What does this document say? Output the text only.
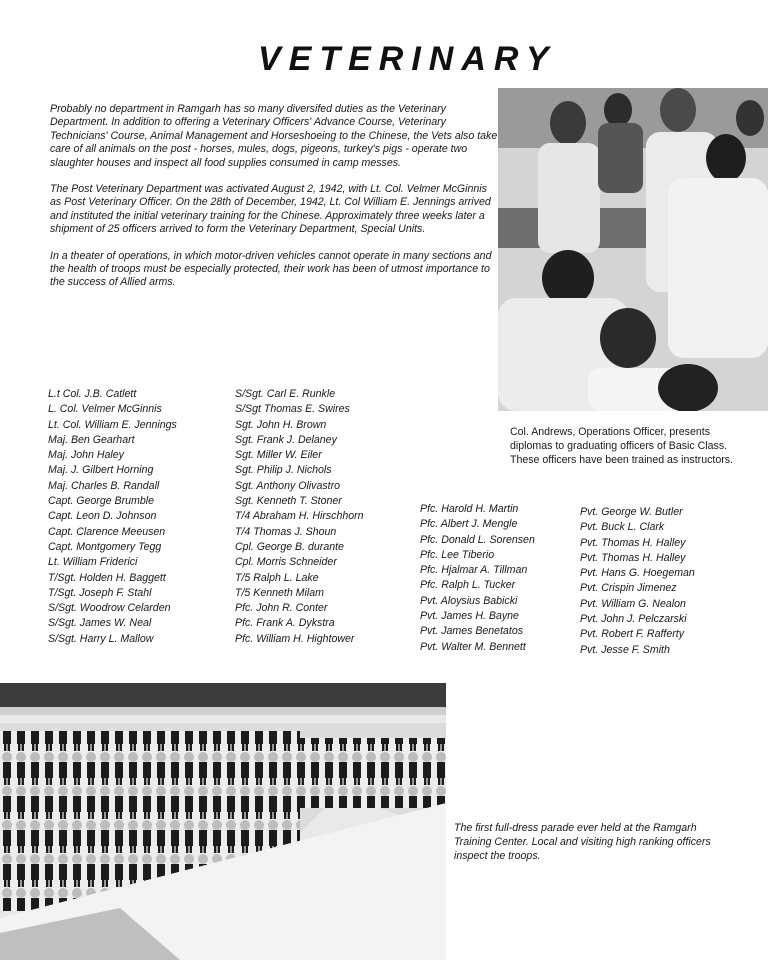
VETERINARY

Probably no department in Ramgarh has so many diversifed duties as the Veterinary Department. In addition to offering a Veterinary Officers' Advance Course, Veterinary Technicians' Course, Animal Management and Horseshoeing to the Chinese, the Vets also take care of all animals on the post - horses, mules, dogs, pigeons, turkey's pigs - operate two slaughter houses and inspect all food supplies consumed in camp messes.

The Post Veterinary Department was activated August 2, 1942, with Lt. Col. Velmer McGinnis as Post Veterinary Officer. On the 28th of December, 1942, Lt. Col William E. Jennings arrived and instituted the initial veterinary training for the Chinese. Approximately three weeks later a shipment of 25 officers arrived to form the Veterinary Department, Special Units.

In a theater of operations, in which motor-driven vehicles cannot operate in many sections and the health of troops must be especially protected, their work has been of utmost importance to the success of Allied arms.

Col. Andrews, Operations Officer, presents diplomas to graduating officers of Basic Class. These officers have been trained as instructors.
L.t Col. J.B. Catlett
L. Col. Velmer McGinnis
Lt. Col. William E. Jennings
Maj. Ben Gearhart
Maj. John Haley
Maj. J. Gilbert Horning
Maj. Charles B. Randall
Capt. George Brumble
Capt. Leon D. Johnson
Capt. Clarence Meeusen
Capt. Montgomery Tegg
Lt. William Friderici
T/Sgt. Holden H. Baggett
T/Sgt. Joseph F. Stahl
S/Sgt. Woodrow Celarden
S/Sgt. James W. Neal
S/Sgt. Harry L. Mallow
S/Sgt. Carl E. Runkle
S/Sgt Thomas E. Swires
Sgt. John H. Brown
Sgt. Frank J. Delaney
Sgt. Miller W. Eiler
Sgt. Philip J. Nichols
Sgt. Anthony Olivastro
Sgt. Kenneth T. Stoner
T/4 Abraham H. Hirschhorn
T/4 Thomas J. Shoun
Cpl. George B. durante
Cpl. Morris Schneider
T/5 Ralph L. Lake
T/5 Kenneth Milam
Pfc. John R. Conter
Pfc. Frank A. Dykstra
Pfc. William H. Hightower
Pfc. Harold H. Martin
Pfc. Albert J. Mengle
Pfc. Donald L. Sorensen
Pfc. Lee Tiberio
Pfc. Hjalmar A. Tillman
Pfc. Ralph L. Tucker
Pvt. Aloysius Babicki
Pvt. James H. Bayne
Pvt. James Benetatos
Pvt. Walter M. Bennett
Pvt. George W. Butler
Pvt. Buck L. Clark
Pvt. Thomas H. Halley
Pvt. Thomas H. Halley
Pvt. Hans G. Hoegeman
Pvt. Crispin Jimenez
Pvt. William G. Nealon
Pvt. John J. Pelczarski
Pvt. Robert F. Rafferty
Pvt. Jesse F. Smith
The first full-dress parade ever held at the Ramgarh Training Center. Local and visiting high ranking officers inspect the troops.
